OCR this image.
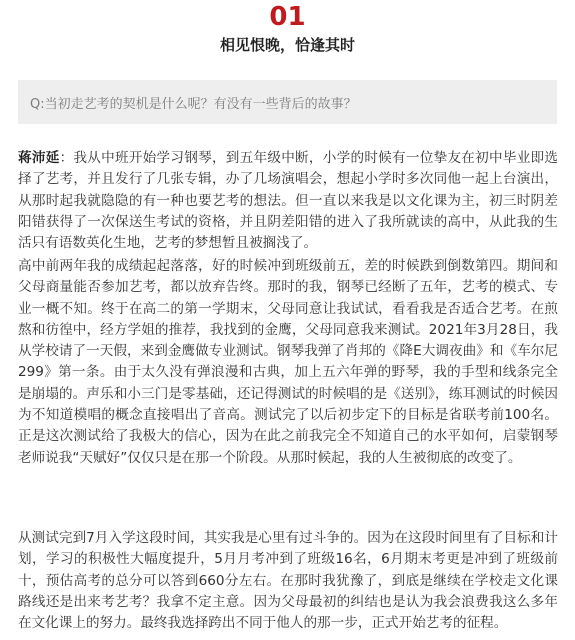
01
相见恨晚，恰逢其时
Q:当初走艺考的契机是什么呢？有没有一些背后的故事？

蒋沛延：我从中班开始学习钢琴，到五年级中断，小学的时候有一位挚友在初中毕业即选择了艺考，并且发行了几张专辑，办了几场演唱会，想起小学时多次同他一起上台演出，从那时起我就隐隐的有一种也要艺考的想法。但一直以来我是以文化课为主，初三时阴差阳错获得了一次保送生考试的资格，并且阴差阳错的进入了我所就读的高中，从此我的生活只有语数英化生地，艺考的梦想暂且被搁浅了。

高中前两年我的成绩起起落落，好的时候冲到班级前五，差的时候跌到倒数第四。期间和父母商量能否参加艺考，都以放弃告终。那时的我，钢琴已经断了五年，艺考的模式、专业一概不知。终于在高二的第一学期末，父母同意让我试试，看看我是否适合艺考。在煎熬和彷徨中，经方学姐的推荐，我找到的金鹰，父母同意我来测试。2021年3月28日，我从学校请了一天假，来到金鹰做专业测试。钢琴我弹了肖邦的《降E大调夜曲》和《车尔尼299》第一条。由于太久没有弹浪漫和古典，加上五六年弹的野琴，我的手型和线条完全是崩塌的。声乐和小三门是零基础，还记得测试的时候唱的是《送别》，练耳测试的时候因为不知道模唱的概念直接唱出了音高。测试完了以后初步定下的目标是省联考前100名。正是这次测试给了我极大的信心，因为在此之前我完全不知道自己的水平如何，启蒙钢琴老师说我“天赋好”仅仅只是在那一个阶段。从那时候起，我的人生被彻底的改变了。

从测试完到7月入学这段时间，其实我是心里有过斗争的。因为在这段时间里有了目标和计划，学习的积极性大幅度提升，5月月考冲到了班级16名，6月期末考更是冲到了班级前十，预估高考的总分可以答到660分左右。在那时我犹豫了，到底是继续在学校走文化课路线还是出来考艺考？我拿不定主意。因为父母最初的纠结也是认为我会浪费我这么多年在文化课上的努力。最终我选择跨出不同于他人的那一步，正式开始艺考的征程。
